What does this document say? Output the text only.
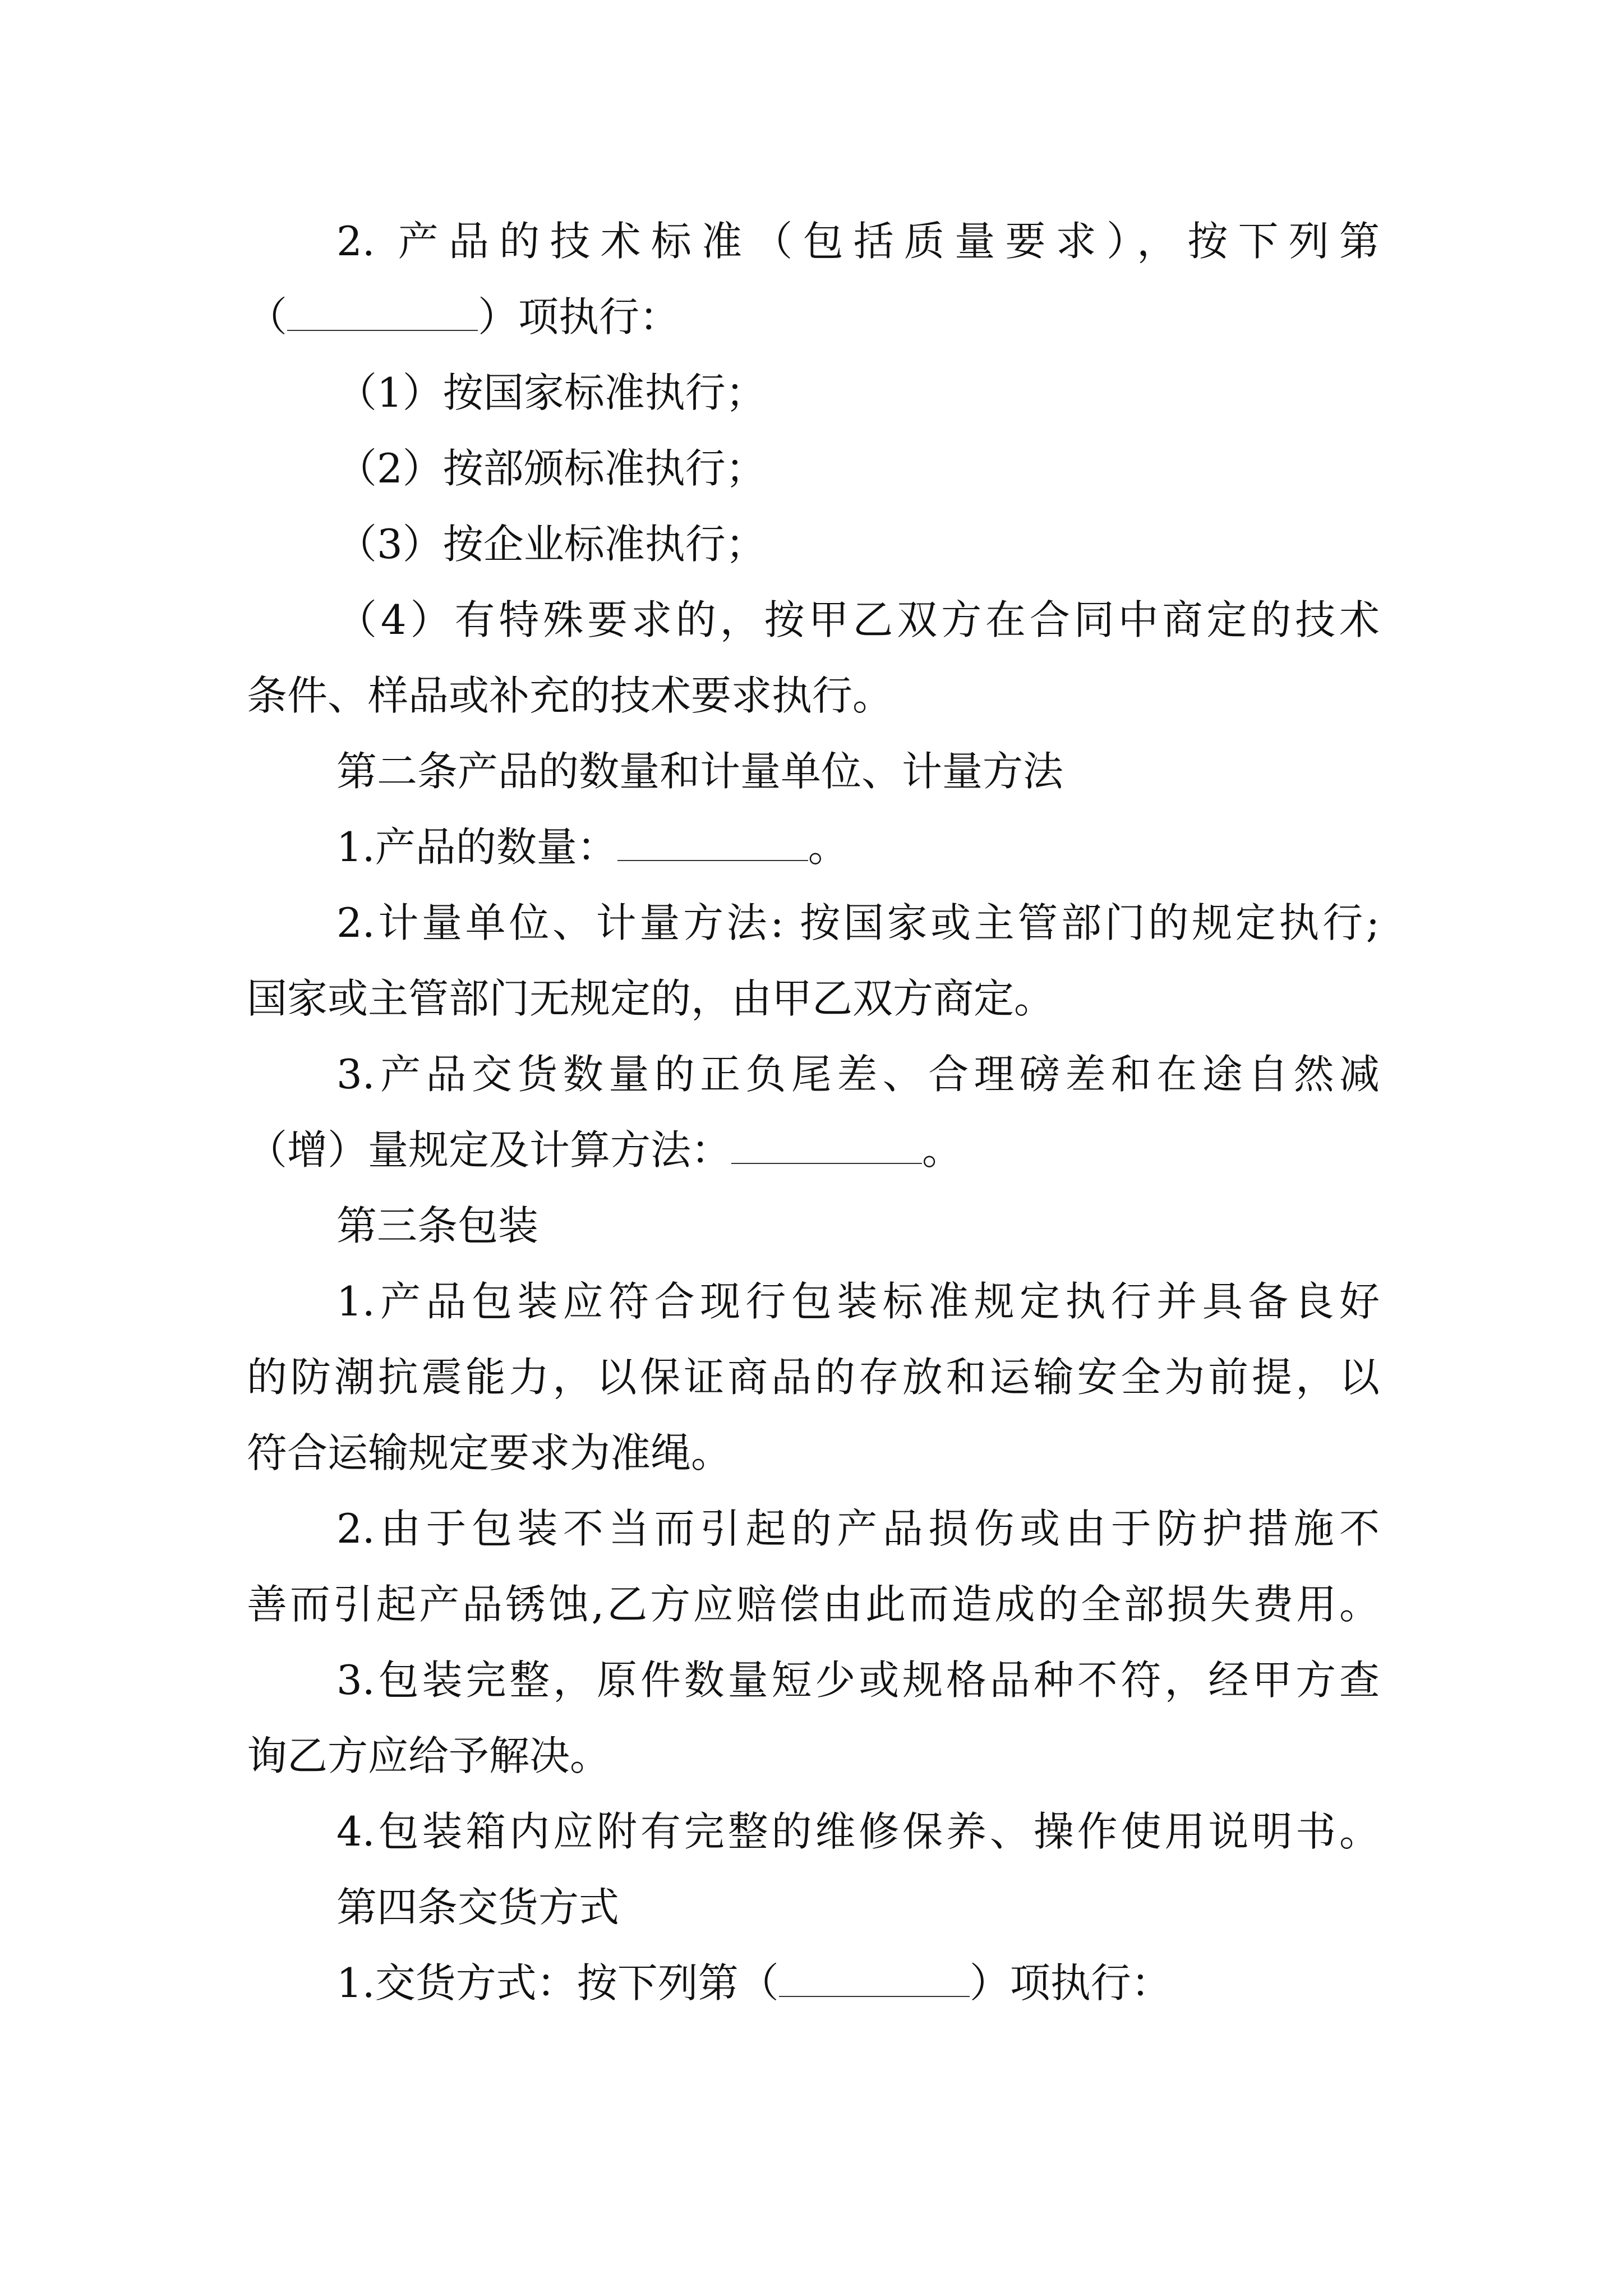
2. 产品的技术标准（包括质量要求），按下列第
（	）项执行：
（1）按国家标准执行；
（2）按部颁标准执行；
（3）按企业标准执行；
（4）有特殊要求的，按甲乙双方在合同中商定的技术
条件、样品或补充的技术要求执行。
第二条产品的数量和计量单位、计量方法
1.产品的数量：	。
2.计量单位、计量方法: 按国家或主管部门的规定执行;
国家或主管部门无规定的，由甲乙双方商定。
3.产品交货数量的正负尾差、合理磅差和在途自然减
（增）量规定及计算方法：	。
第三条包装
1.产品包装应符合现行包装标准规定执行并具备良好
的防潮抗震能力，以保证商品的存放和运输安全为前提，以
符合运输规定要求为准绳。
2.由于包装不当而引起的产品损伤或由于防护措施不
善而引起产品锈蚀,乙方应赔偿由此而造成的全部损失费用。
3.包装完整，原件数量短少或规格品种不符，经甲方查
询乙方应给予解决。
4.包装箱内应附有完整的维修保养、操作使用说明书。
第四条交货方式
1.交货方式：按下列第（	）项执行：
